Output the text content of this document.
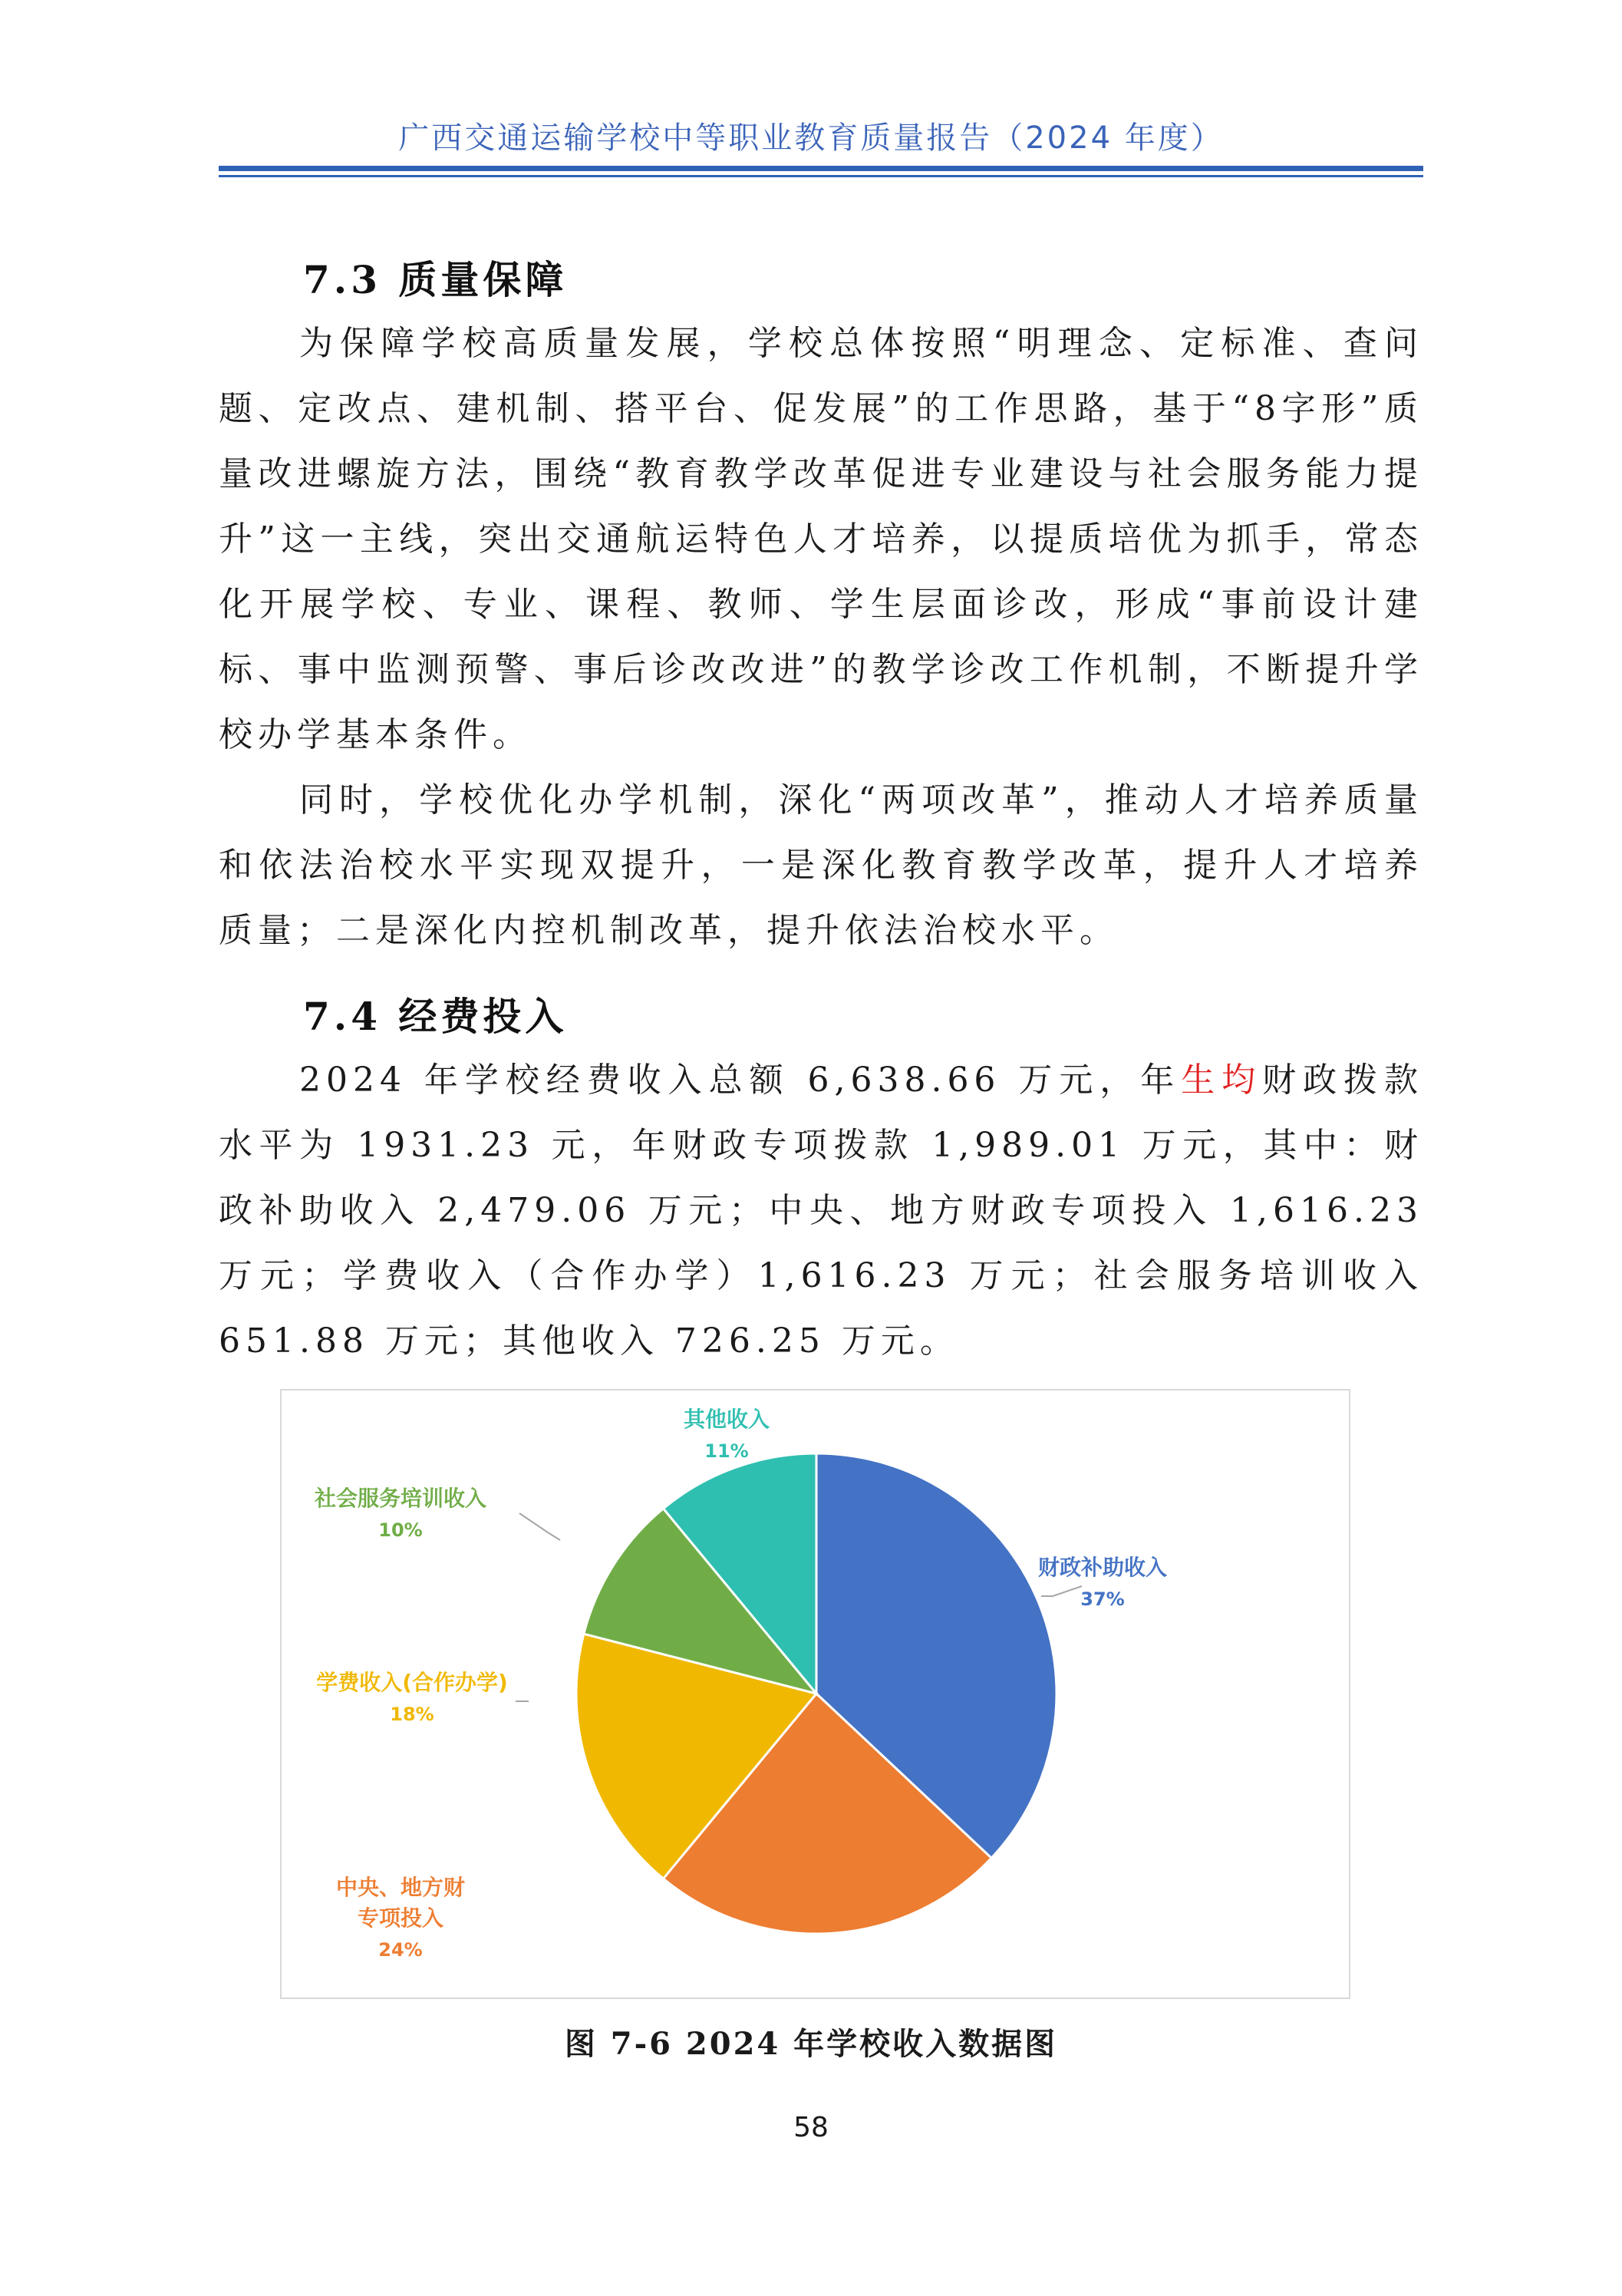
广西交通运输学校中等职业教育质量报告（2024 年度）
7.3 质量保障

为保障学校高质量发展，学校总体按照“明理念、定标准、查问题、定改点、建机制、搭平台、促发展”的工作思路，基于“8字形”质量改进螺旋方法，围绕“教育教学改革促进专业建设与社会服务能力提升”这一主线，突出交通航运特色人才培养，以提质培优为抓手，常态化开展学校、专业、课程、教师、学生层面诊改，形成“事前设计建标、事中监测预警、事后诊改改进”的教学诊改工作机制，不断提升学校办学基本条件。

同时，学校优化办学机制，深化“两项改革”，推动人才培养质量和依法治校水平实现双提升，一是深化教育教学改革，提升人才培养质量；二是深化内控机制改革，提升依法治校水平。

7.4 经费投入

2024 年学校经费收入总额 6,638.66 万元，年生均财政拨款水平为 1931.23 元，年财政专项拨款 1,989.01 万元，其中：财政补助收入 2,479.06 万元；中央、地方财政专项投入 1,616.23 万元；学费收入（合作办学）1,616.23 万元；社会服务培训收入 651.88 万元；其他收入 726.25 万元。

财政补助收入
37%
中央、地方财
专项投入
24%
学费收入(合作办学)
18%
社会服务培训收入
10%
其他收入
11%
图 7-6 2024 年学校收入数据图
58
